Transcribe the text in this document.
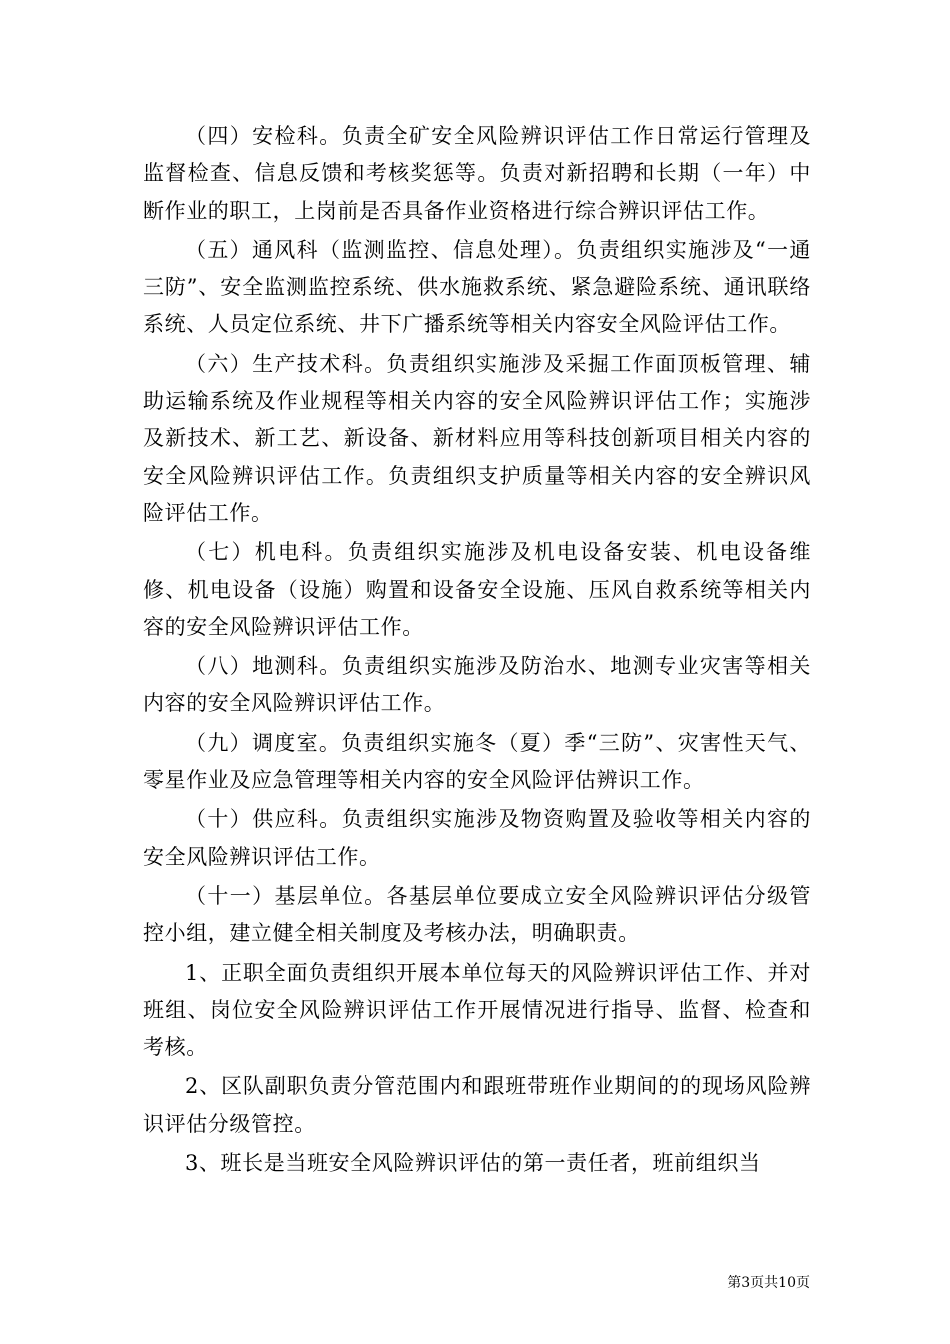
（四）安检科。负责全矿安全风险辨识评估工作日常运行管理及监督检查、信息反馈和考核奖惩等。负责对新招聘和长期（一年）中断作业的职工，上岗前是否具备作业资格进行综合辨识评估工作。

（五）通风科（监测监控、信息处理）。负责组织实施涉及“一通三防”、安全监测监控系统、供水施救系统、紧急避险系统、通讯联络系统、人员定位系统、井下广播系统等相关内容安全风险评估工作。

（六）生产技术科。负责组织实施涉及采掘工作面顶板管理、辅助运输系统及作业规程等相关内容的安全风险辨识评估工作；实施涉及新技术、新工艺、新设备、新材料应用等科技创新项目相关内容的安全风险辨识评估工作。负责组织支护质量等相关内容的安全辨识风险评估工作。

（七）机电科。负责组织实施涉及机电设备安装、机电设备维修、机电设备（设施）购置和设备安全设施、压风自救系统等相关内容的安全风险辨识评估工作。

（八）地测科。负责组织实施涉及防治水、地测专业灾害等相关内容的安全风险辨识评估工作。

（九）调度室。负责组织实施冬（夏）季“三防”、灾害性天气、零星作业及应急管理等相关内容的安全风险评估辨识工作。

（十）供应科。负责组织实施涉及物资购置及验收等相关内容的安全风险辨识评估工作。

（十一）基层单位。各基层单位要成立安全风险辨识评估分级管控小组，建立健全相关制度及考核办法，明确职责。

1、正职全面负责组织开展本单位每天的风险辨识评估工作、并对班组、岗位安全风险辨识评估工作开展情况进行指导、监督、检查和考核。

2、区队副职负责分管范围内和跟班带班作业期间的的现场风险辨识评估分级管控。

3、班长是当班安全风险辨识评估的第一责任者，班前组织当

第3页共10页
